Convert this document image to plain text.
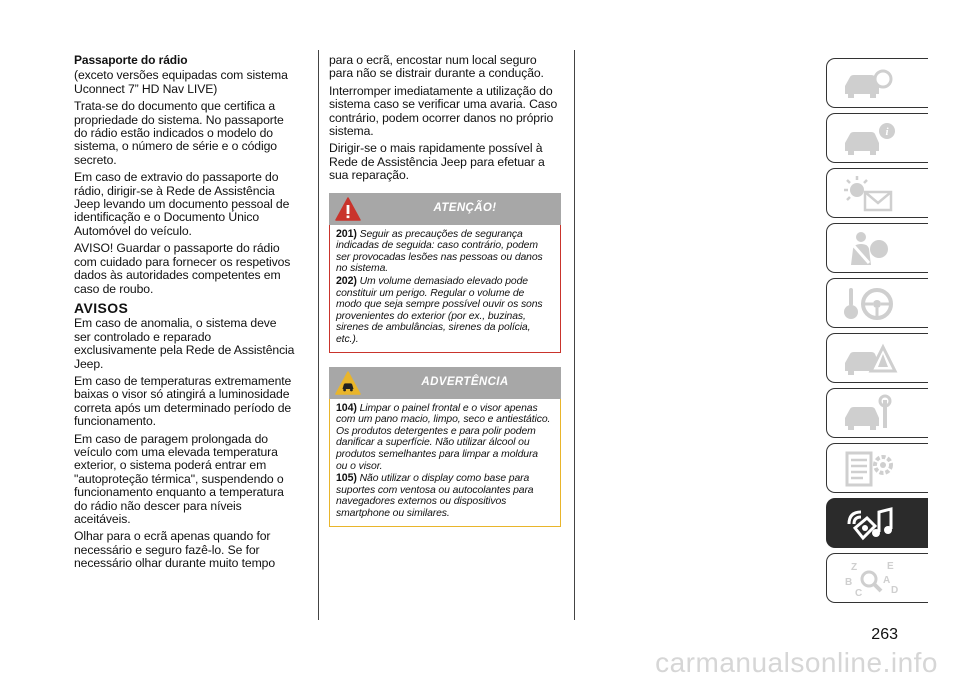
Passaporte do rádio

(exceto versões equipadas com sistema Uconnect 7” HD Nav LIVE)

Trata-se do documento que certifica a propriedade do sistema. No passaporte do rádio estão indicados o modelo do sistema, o número de série e o código secreto.

Em caso de extravio do passaporte do rádio, dirigir-se à Rede de Assistência Jeep levando um documento pessoal de identificação e o Documento Único Automóvel do veículo.

AVISO! Guardar o passaporte do rádio com cuidado para fornecer os respetivos dados às autoridades competentes em caso de roubo.

AVISOS

Em caso de anomalia, o sistema deve ser controlado e reparado exclusivamente pela Rede de Assistência Jeep.

Em caso de temperaturas extremamente baixas o visor só atingirá a luminosidade correta após um determinado período de funcionamento.

Em caso de paragem prolongada do veículo com uma elevada temperatura exterior, o sistema poderá entrar em "autoproteção térmica", suspendendo o funcionamento enquanto a temperatura do rádio não descer para níveis aceitáveis.

Olhar para o ecrã apenas quando for necessário e seguro fazê-lo. Se for necessário olhar durante muito tempo

para o ecrã, encostar num local seguro para não se distrair durante a condução.

Interromper imediatamente a utilização do sistema caso se verificar uma avaria. Caso contrário, podem ocorrer danos no próprio sistema.

Dirigir-se o mais rapidamente possível à Rede de Assistência Jeep para efetuar a sua reparação.

ATENÇÃO!

201) Seguir as precauções de segurança indicadas de seguida: caso contrário, podem ser provocadas lesões nas pessoas ou danos no sistema.

202) Um volume demasiado elevado pode constituir um perigo. Regular o volume de modo que seja sempre possível ouvir os sons provenientes do exterior (por ex., buzinas, sirenes de ambulâncias, sirenes da polícia, etc.).

ADVERTÊNCIA

104) Limpar o painel frontal e o visor apenas com um pano macio, limpo, seco e antiestático. Os produtos detergentes e para polir podem danificar a superfície. Não utilizar álcool ou produtos semelhantes para limpar a moldura ou o visor.

105) Não utilizar o display como base para suportes com ventosa ou autocolantes para navegadores externos ou dispositivos smartphone ou similares.

i
Z	E
B	A
C	D
263
carmanualsonline.info
